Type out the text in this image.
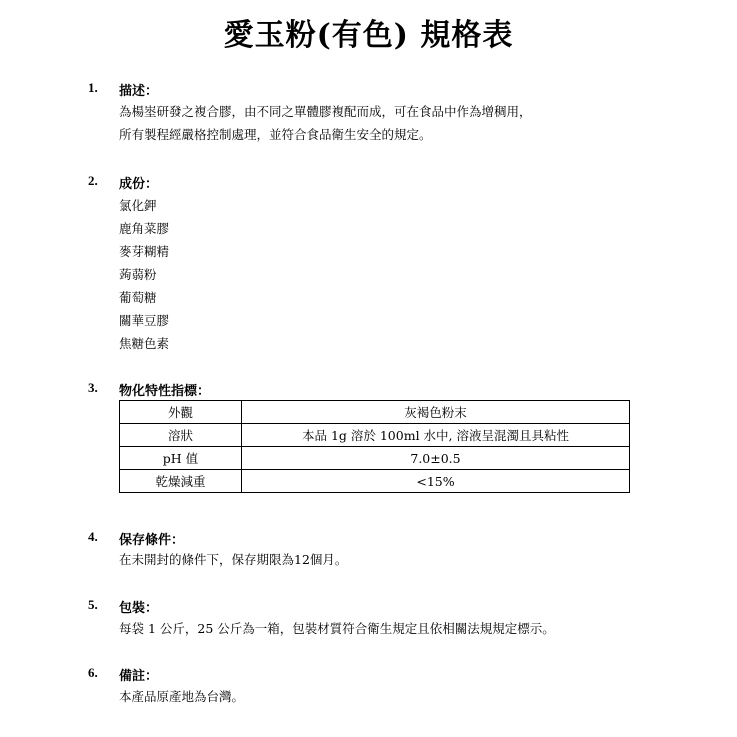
愛玉粉(有色) 規格表
1. 描述：
為楊埊研發之複合膠，由不同之單體膠複配而成，可在食品中作為增稠用，
所有製程經嚴格控制處理，並符合食品衛生安全的規定。
2. 成份：
氯化鉀
鹿角菜膠
麥芽糊精
蒟蒻粉
葡萄糖
關華豆膠
焦糖色素
3. 物化特性指標：
外觀	灰褐色粉末
溶狀	本品 1g 溶於 100ml 水中, 溶液呈混濁且具粘性
pH 值	7.0±0.5
乾燥減重	<15%
4. 保存條件：
在未開封的條件下，保存期限為12個月。
5. 包裝：
每袋 1 公斤，25 公斤為一箱，包裝材質符合衛生規定且依相關法規規定標示。
6. 備註：
本產品原產地為台灣。
